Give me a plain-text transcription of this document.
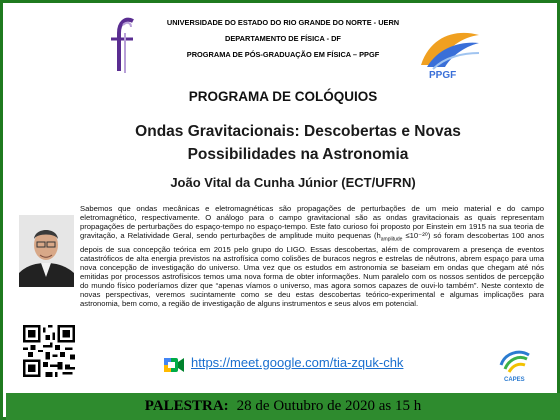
UNIVERSIDADE DO ESTADO DO RIO GRANDE DO NORTE - UERN
DEPARTAMENTO DE FÍSICA - DF
PROGRAMA DE PÓS-GRADUAÇÃO EM FÍSICA – PPGF
PPGF
PROGRAMA DE COLÓQUIOS
Ondas Gravitacionais: Descobertas e Novas
Possibilidades na Astronomia
João Vital da Cunha Júnior (ECT/UFRN)
Sabemos que ondas mecânicas e eletromagnéticas são propagações de perturbações de um meio material e do campo eletromagnético, respectivamente. O análogo para o campo gravitacional são as ondas gravitacionais as quais representam propagações de perturbações do espaço-tempo no espaço-tempo. Este fato curioso foi proposto por Einstein em 1915 na sua teoria de gravitação, a Relatividade Geral, sendo perturbações de amplitude muito pequenas $(h_{amplitude} \le 10^{-20})$ só foram descobertas 100 anos depois de sua concepção teórica em 2015 pelo grupo do LIGO. Essas descobertas, além de comprovarem a presença de eventos catastróficos de alta energia previstos na astrofísica como colisões de buracos negros e estrelas de nêutrons, abrem espaço para uma nova concepção de investigação do universo. Uma vez que os estudos em astronomia se baseiam em ondas que chegam até nós emitidas por processos astrofísicos temos uma nova forma de obter informações. Num paralelo com os nossos sentidos de percepção do mundo físico poderíamos dizer que “apenas víamos o universo, mas agora somos capazes de ouvi-lo também”. Neste contexto de novas perspectivas, veremos sucintamente como se deu estas descobertas teórico-experimental e algumas implicações para astronomia, bem como, a região de investigação de alguns instrumentos e seus alvos em potencial.
https://meet.google.com/tia-zquk-chk
CAPES
PALESTRA: 28 de Outubro de 2020 as 15 h
